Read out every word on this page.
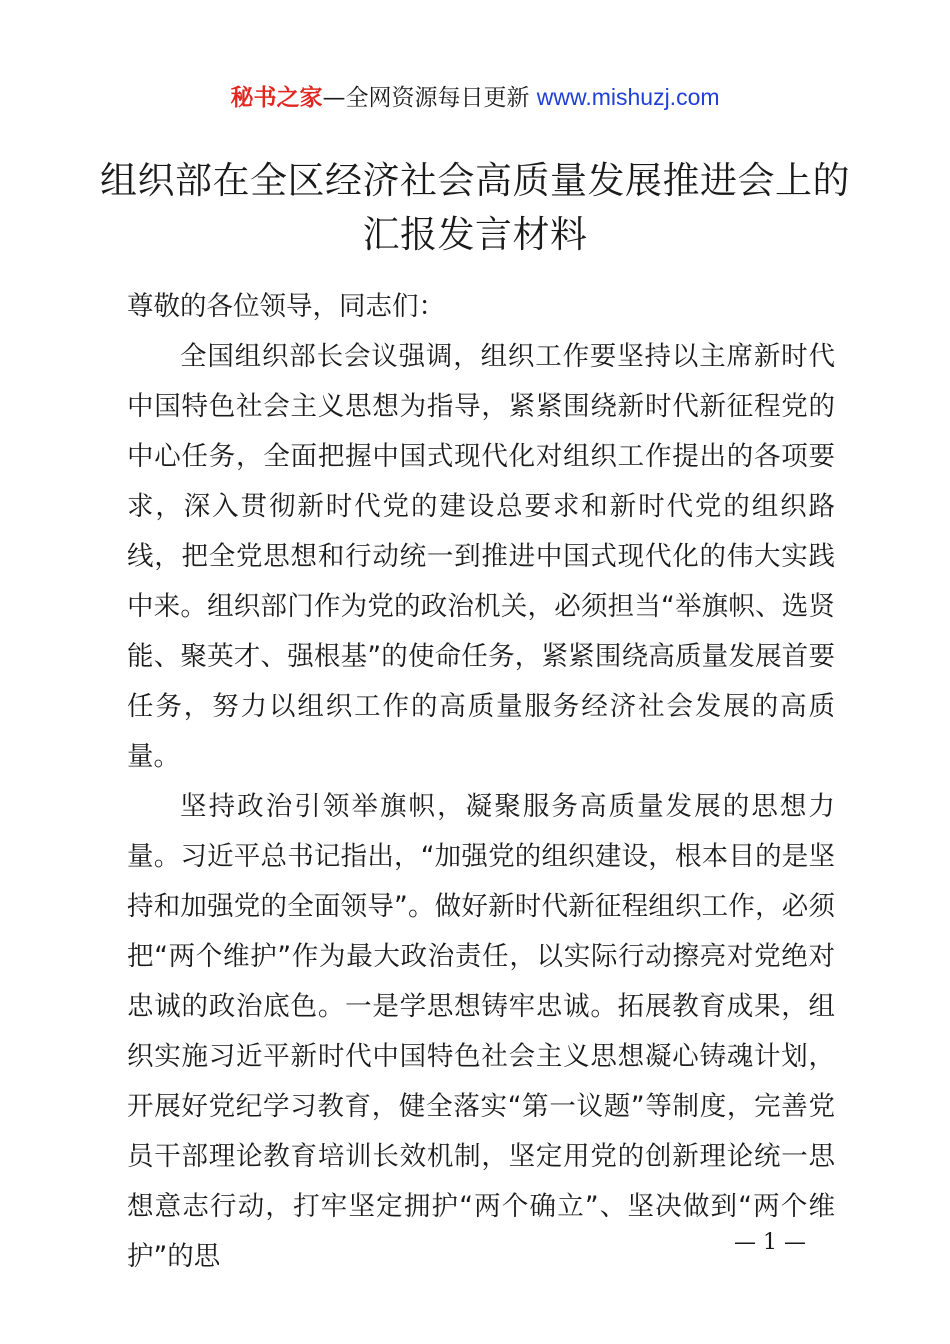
秘书之家—全网资源每日更新 www.mishuzj.com
组织部在全区经济社会高质量发展推进会上的
汇报发言材料

尊敬的各位领导，同志们：

全国组织部长会议强调，组织工作要坚持以主席新时代中国特色社会主义思想为指导，紧紧围绕新时代新征程党的中心任务，全面把握中国式现代化对组织工作提出的各项要求，深入贯彻新时代党的建设总要求和新时代党的组织路线，把全党思想和行动统一到推进中国式现代化的伟大实践中来。组织部门作为党的政治机关，必须担当“举旗帜、选贤能、聚英才、强根基”的使命任务，紧紧围绕高质量发展首要任务，努力以组织工作的高质量服务经济社会发展的高质量。

坚持政治引领举旗帜，凝聚服务高质量发展的思想力量。习近平总书记指出，“加强党的组织建设，根本目的是坚持和加强党的全面领导”。做好新时代新征程组织工作，必须把“两个维护”作为最大政治责任，以实际行动擦亮对党绝对忠诚的政治底色。一是学思想铸牢忠诚。拓展教育成果，组织实施习近平新时代中国特色社会主义思想凝心铸魂计划，开展好党纪学习教育，健全落实“第一议题”等制度，完善党员干部理论教育培训长效机制，坚定用党的创新理论统一思想意志行动，打牢坚定拥护“两个确立”、坚决做到“两个维护”的思	— 1 —
